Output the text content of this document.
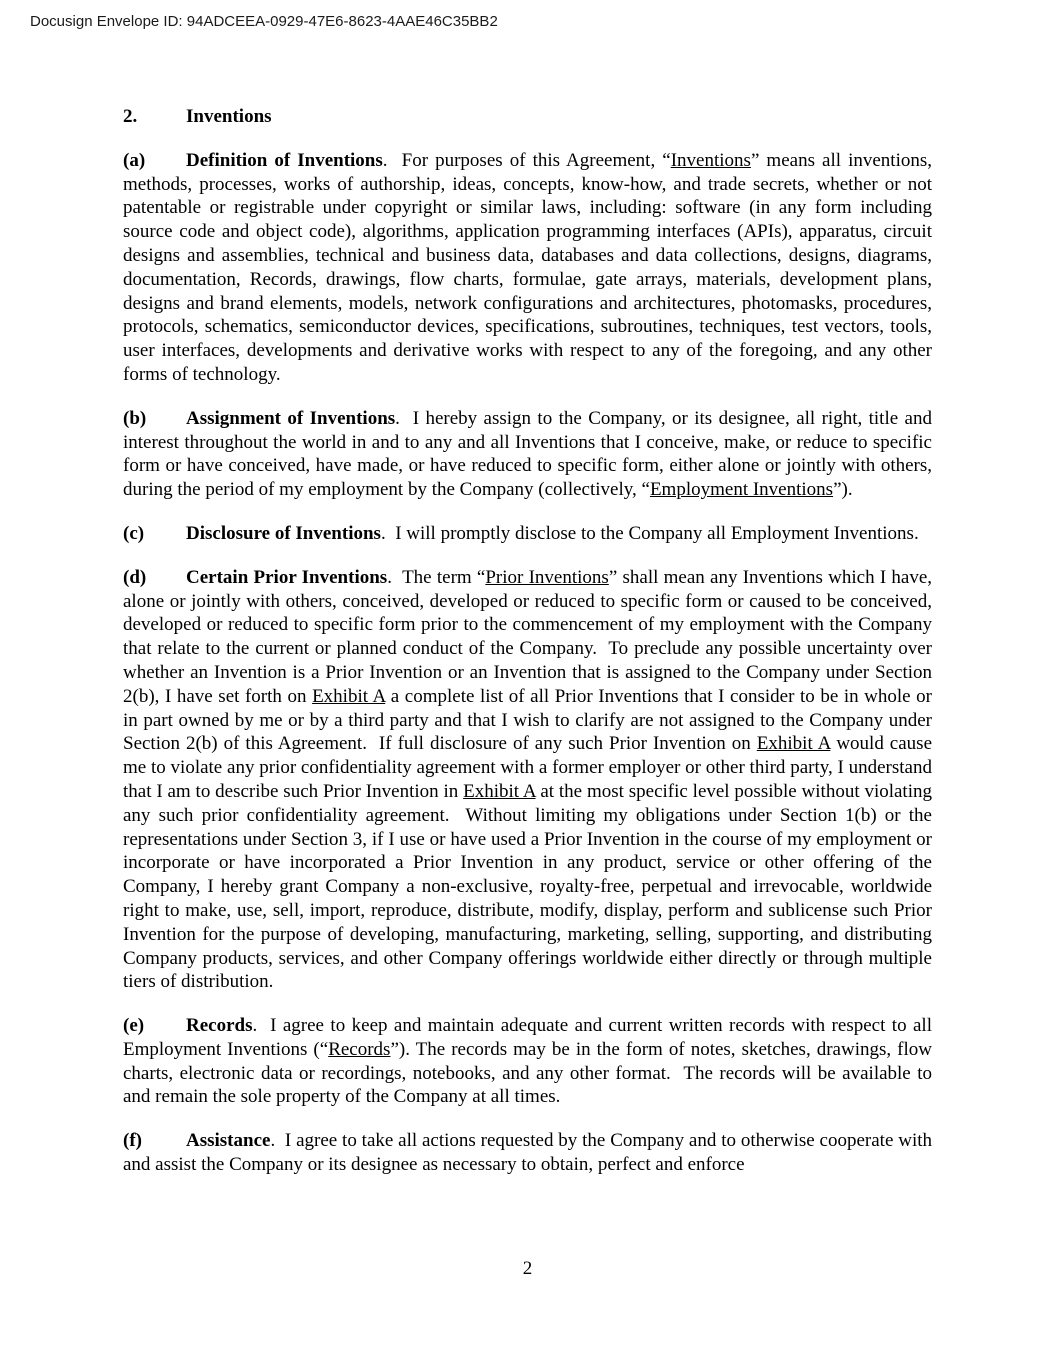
Docusign Envelope ID: 94ADCEEA-0929-47E6-8623-4AAE46C35BB2

2.	Inventions

(a) Definition of Inventions.  For purposes of this Agreement, “Inventions” means all inventions, methods, processes, works of authorship, ideas, concepts, know-how, and trade secrets, whether or not patentable or registrable under copyright or similar laws, including: software (in any form including source code and object code), algorithms, application programming interfaces (APIs), apparatus, circuit designs and assemblies, technical and business data, databases and data collections, designs, diagrams, documentation, Records, drawings, flow charts, formulae, gate arrays, materials, development plans, designs and brand elements, models, network configurations and architectures, photomasks, procedures, protocols, schematics, semiconductor devices, specifications, subroutines, techniques, test vectors, tools, user interfaces, developments and derivative works with respect to any of the foregoing, and any other forms of technology.

(b) Assignment of Inventions.  I hereby assign to the Company, or its designee, all right, title and interest throughout the world in and to any and all Inventions that I conceive, make, or reduce to specific form or have conceived, have made, or have reduced to specific form, either alone or jointly with others, during the period of my employment by the Company (collectively, “Employment Inventions”).

(c) Disclosure of Inventions.  I will promptly disclose to the Company all Employment Inventions.

(d) Certain Prior Inventions.  The term “Prior Inventions” shall mean any Inventions which I have, alone or jointly with others, conceived, developed or reduced to specific form or caused to be conceived, developed or reduced to specific form prior to the commencement of my employment with the Company that relate to the current or planned conduct of the Company.  To preclude any possible uncertainty over whether an Invention is a Prior Invention or an Invention that is assigned to the Company under Section 2(b), I have set forth on Exhibit A a complete list of all Prior Inventions that I consider to be in whole or in part owned by me or by a third party and that I wish to clarify are not assigned to the Company under Section 2(b) of this Agreement.  If full disclosure of any such Prior Invention on Exhibit A would cause me to violate any prior confidentiality agreement with a former employer or other third party, I understand that I am to describe such Prior Invention in Exhibit A at the most specific level possible without violating any such prior confidentiality agreement.  Without limiting my obligations under Section 1(b) or the representations under Section 3, if I use or have used a Prior Invention in the course of my employment or incorporate or have incorporated a Prior Invention in any product, service or other offering of the Company, I hereby grant Company a non-exclusive, royalty-free, perpetual and irrevocable, worldwide right to make, use, sell, import, reproduce, distribute, modify, display, perform and sublicense such Prior Invention for the purpose of developing, manufacturing, marketing, selling, supporting, and distributing Company products, services, and other Company offerings worldwide either directly or through multiple tiers of distribution.

(e) Records.  I agree to keep and maintain adequate and current written records with respect to all Employment Inventions (“Records”). The records may be in the form of notes, sketches, drawings, flow charts, electronic data or recordings, notebooks, and any other format.  The records will be available to and remain the sole property of the Company at all times.

(f) Assistance.  I agree to take all actions requested by the Company and to otherwise cooperate with and assist the Company or its designee as necessary to obtain, perfect and enforce

2
